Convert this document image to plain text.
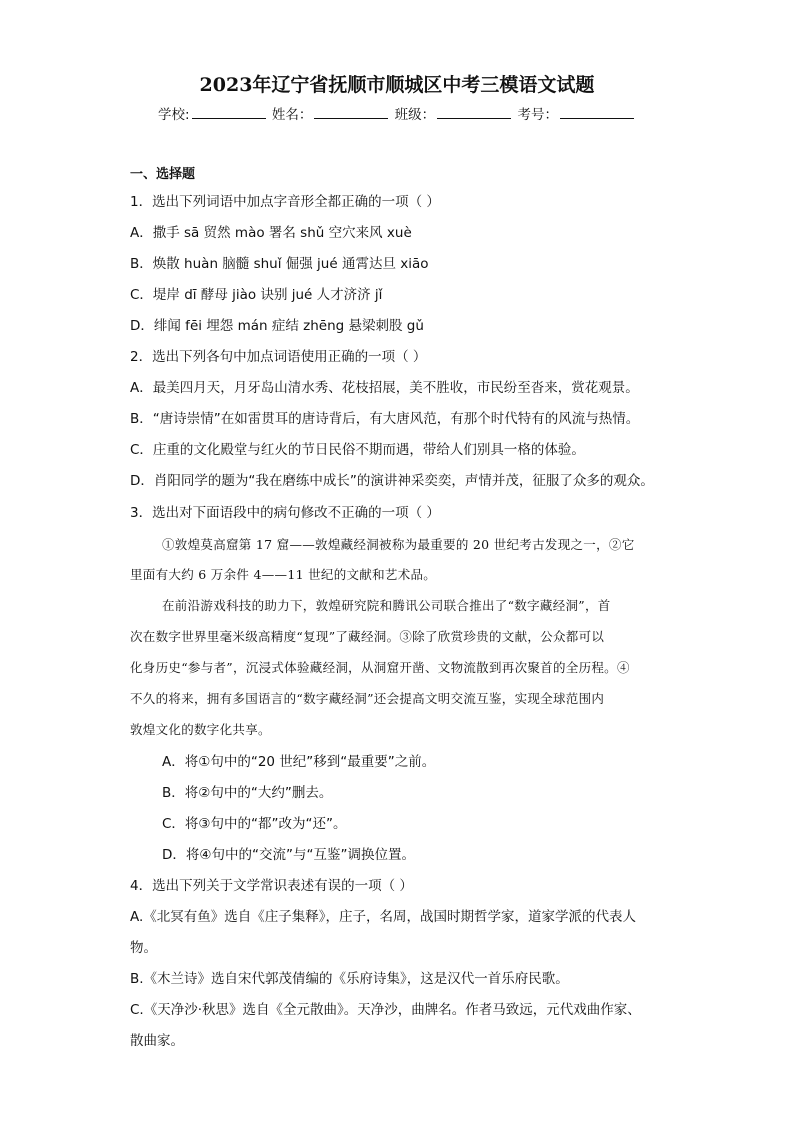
2023年辽宁省抚顺市顺城区中考三模语文试题
学校:	姓名：	班级：	考号：
一、选择题
1．选出下列词语中加点字音形全都正确的一项（ ）
A．撒手 sā 贸然 mào 署名 shǔ 空穴来风 xuè
B．焕散 huàn 脑髓 shuǐ 倔强 jué 通霄达旦 xiāo
C．堤岸 dī 酵母 jiào 诀别 jué 人才济济 jǐ
D．绯闻 fēi 埋怨 mán 症结 zhēng 悬梁刺股 gǔ
2．选出下列各句中加点词语使用正确的一项（ ）
A．最美四月天，月牙岛山清水秀、花枝招展，美不胜收，市民纷至沓来，赏花观景。
B．“唐诗崇情”在如雷贯耳的唐诗背后，有大唐风范，有那个时代特有的风流与热情。
C．庄重的文化殿堂与红火的节日民俗不期而遇，带给人们别具一格的体验。
D．肖阳同学的题为“我在磨练中成长”的演讲神采奕奕，声情并茂，征服了众多的观众。
3．选出对下面语段中的病句修改不正确的一项（ ）
①敦煌莫高窟第 17 窟——敦煌藏经洞被称为最重要的 20 世纪考古发现之一，②它
里面有大约 6 万余件 4——11 世纪的文献和艺术品。
在前沿游戏科技的助力下，敦煌研究院和腾讯公司联合推出了“数字藏经洞”，首
次在数字世界里毫米级高精度“复现”了藏经洞。③除了欣赏珍贵的文献，公众都可以
化身历史“参与者”，沉浸式体验藏经洞，从洞窟开凿、文物流散到再次聚首的全历程。④
不久的将来，拥有多国语言的“数字藏经洞”还会提高文明交流互鉴，实现全球范围内
敦煌文化的数字化共享。
A．将①句中的“20 世纪”移到“最重要”之前。
B．将②句中的“大约”删去。
C．将③句中的“都”改为“还”。
D．将④句中的“交流”与“互鉴”调换位置。
4．选出下列关于文学常识表述有误的一项（ ）
A.《北冥有鱼》选自《庄子集释》，庄子，名周，战国时期哲学家，道家学派的代表人
物。
B.《木兰诗》选自宋代郭茂倩编的《乐府诗集》，这是汉代一首乐府民歌。
C.《天净沙·秋思》选自《全元散曲》。天净沙，曲牌名。作者马致远，元代戏曲作家、
散曲家。
